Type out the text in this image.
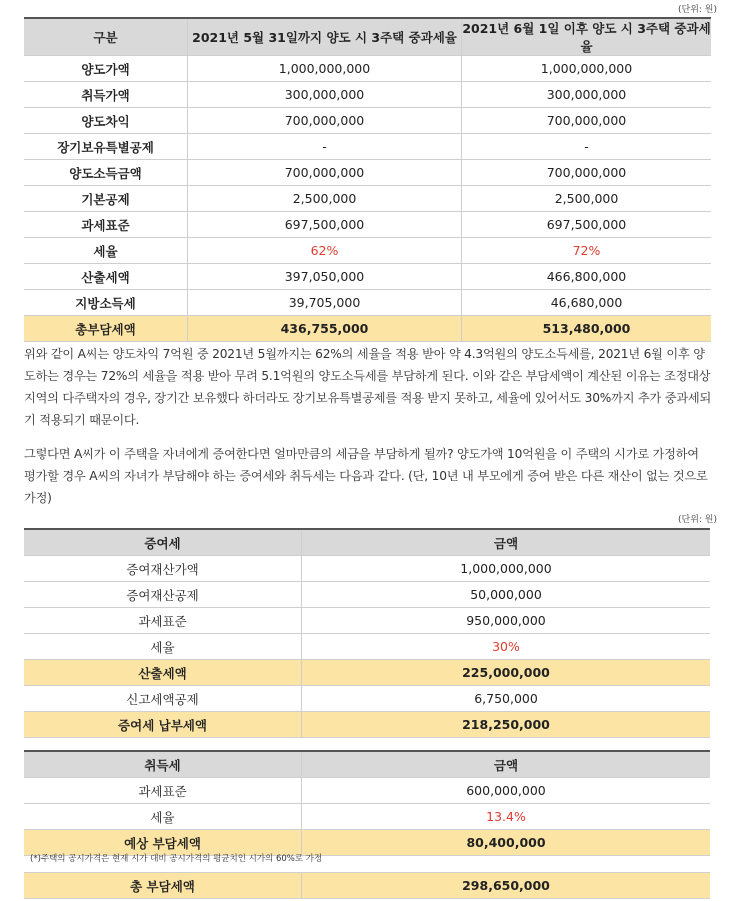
(단위: 원)
구분	2021년 5월 31일까지 양도 시 3주택 중과세율	2021년 6월 1일 이후 양도 시 3주택 중과세율
양도가액	1,000,000,000	1,000,000,000
취득가액	300,000,000	300,000,000
양도차익	700,000,000	700,000,000
장기보유특별공제	-	-
양도소득금액	700,000,000	700,000,000
기본공제	2,500,000	2,500,000
과세표준	697,500,000	697,500,000
세율	62%	72%
산출세액	397,050,000	466,800,000
지방소득세	39,705,000	46,680,000
총부담세액	436,755,000	513,480,000
위와 같이 A씨는 양도차익 7억원 중 2021년 5월까지는 62%의 세율을 적용 받아 약 4.3억원의 양도소득세를, 2021년 6월 이후 양도하는 경우는 72%의 세율을 적용 받아 무려 5.1억원의 양도소득세를 부담하게 된다. 이와 같은 부담세액이 계산된 이유는 조정대상지역의 다주택자의 경우, 장기간 보유했다 하더라도 장기보유특별공제를 적용 받지 못하고, 세율에 있어서도 30%까지 추가 중과세되기 적용되기 때문이다.
그렇다면 A씨가 이 주택을 자녀에게 증여한다면 얼마만큼의 세금을 부담하게 될까? 양도가액 10억원을 이 주택의 시가로 가정하여 평가할 경우 A씨의 자녀가 부담해야 하는 증여세와 취득세는 다음과 같다. (단, 10년 내 부모에게 증여 받은 다른 재산이 없는 것으로 가정)
(단위: 원)
증여세	금액
증여재산가액	1,000,000,000
증여재산공제	50,000,000
과세표준	950,000,000
세율	30%
산출세액	225,000,000
신고세액공제	6,750,000
증여세 납부세액	218,250,000
취득세	금액
과세표준	600,000,000
세율	13.4%
예상 부담세액	80,400,000
(*)주택의 공시가격은 현재 시가 대비 공시가격의 평균치인 시가의 60%로 가정
총 부담세액	298,650,000
